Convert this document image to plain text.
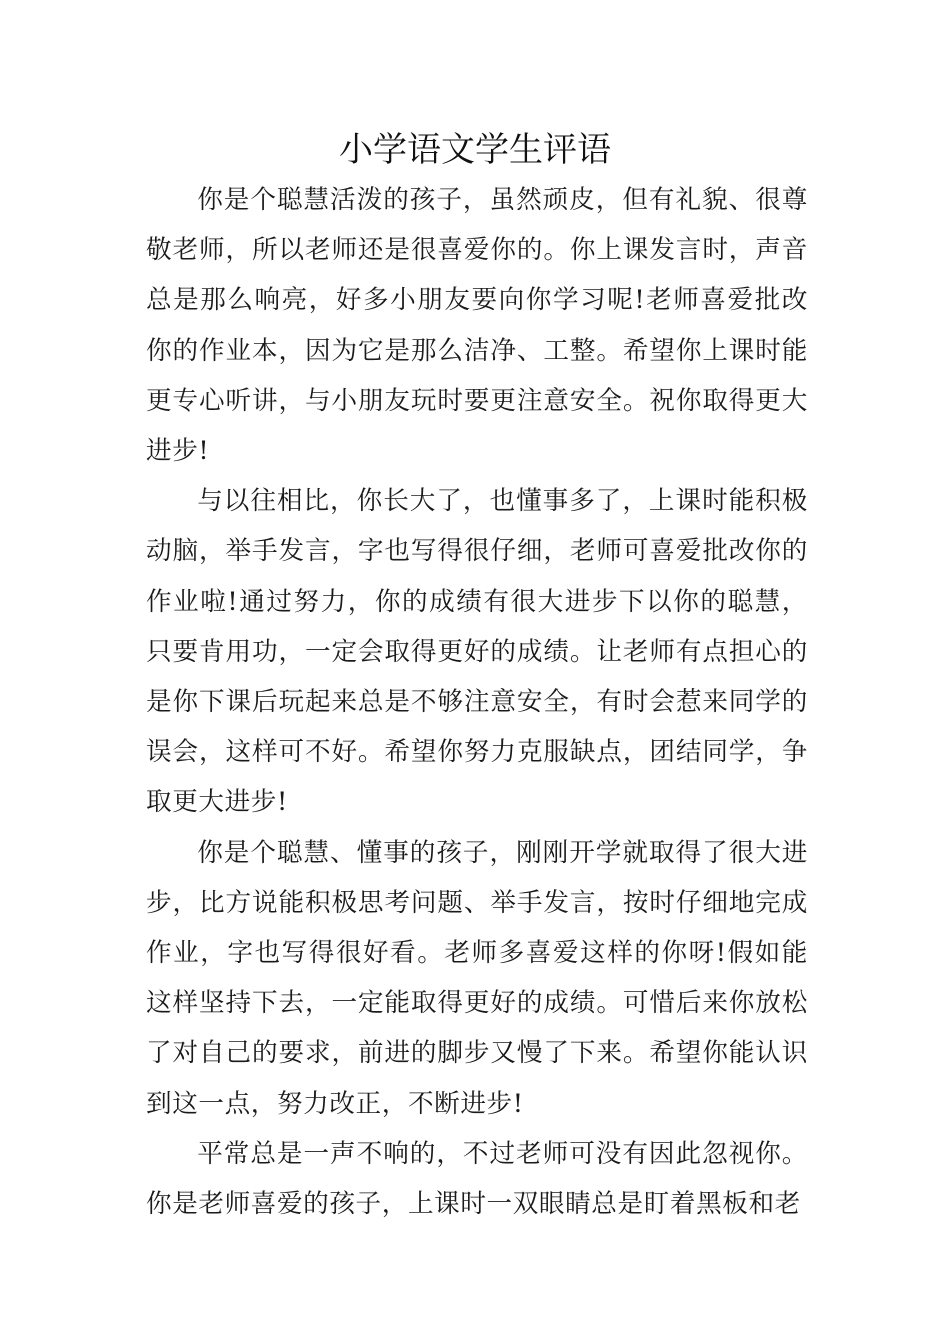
小学语文学生评语

你是个聪慧活泼的孩子，虽然顽皮，但有礼貌、很尊敬老师，所以老师还是很喜爱你的。你上课发言时，声音总是那么响亮，好多小朋友要向你学习呢!老师喜爱批改你的作业本，因为它是那么洁净、工整。希望你上课时能更专心听讲，与小朋友玩时要更注意安全。祝你取得更大进步!

与以往相比，你长大了，也懂事多了，上课时能积极动脑，举手发言，字也写得很仔细，老师可喜爱批改你的作业啦!通过努力，你的成绩有很大进步下以你的聪慧，只要肯用功，一定会取得更好的成绩。让老师有点担心的是你下课后玩起来总是不够注意安全，有时会惹来同学的误会，这样可不好。希望你努力克服缺点，团结同学，争取更大进步!

你是个聪慧、懂事的孩子，刚刚开学就取得了很大进步，比方说能积极思考问题、举手发言，按时仔细地完成作业，字也写得很好看。老师多喜爱这样的你呀!假如能这样坚持下去，一定能取得更好的成绩。可惜后来你放松了对自己的要求，前进的脚步又慢了下来。希望你能认识到这一点，努力改正，不断进步!

平常总是一声不响的，不过老师可没有因此忽视你。你是老师喜爱的孩子，上课时一双眼睛总是盯着黑板和老
